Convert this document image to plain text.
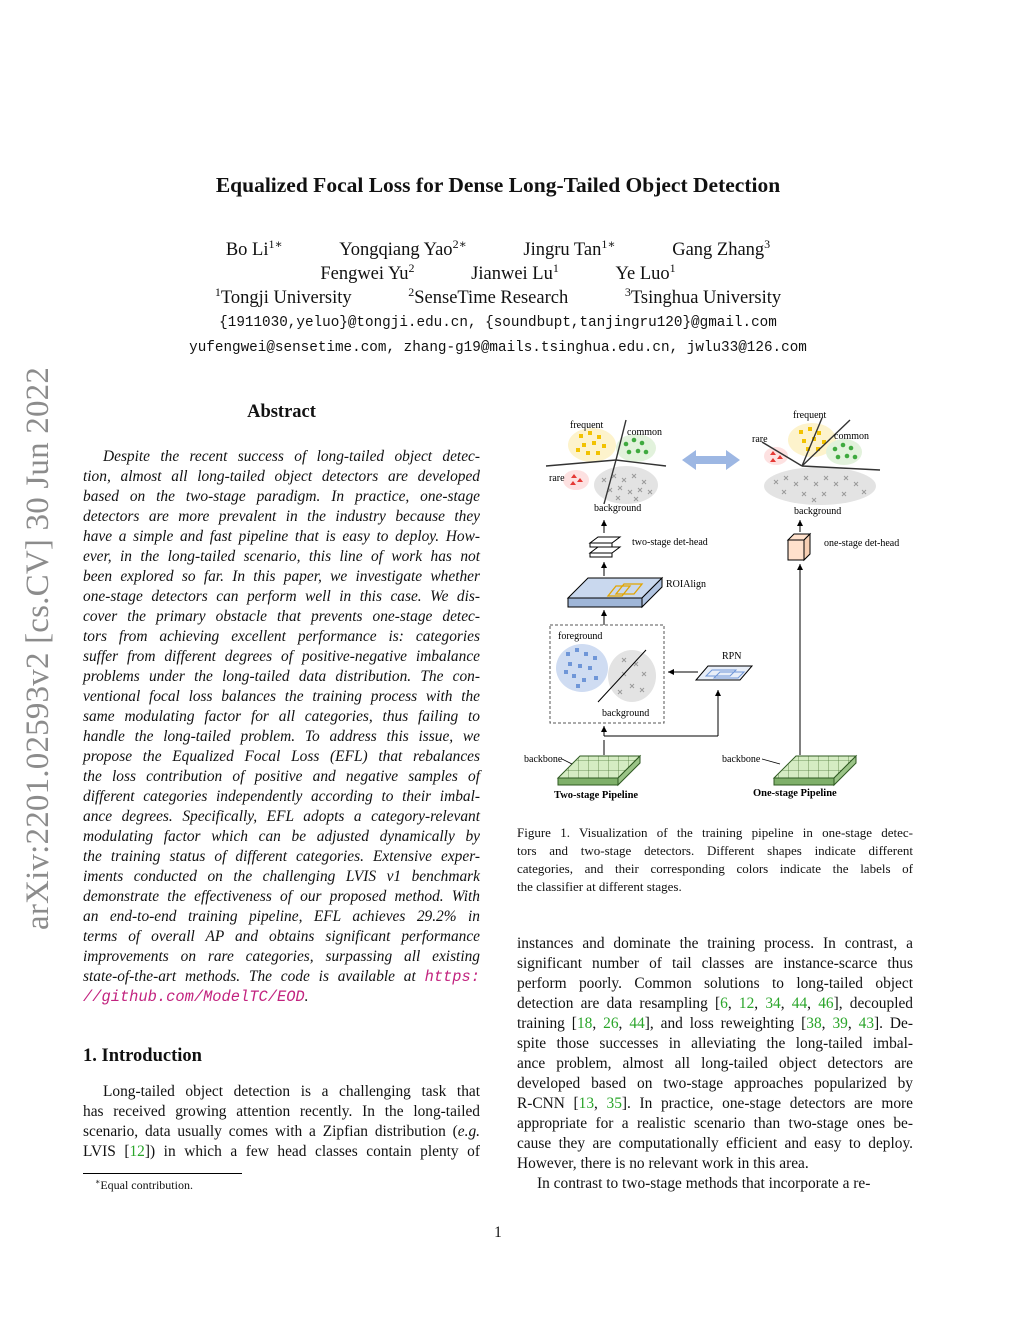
arXiv:2201.02593v2 [cs.CV] 30 Jun 2022
Equalized Focal Loss for Dense Long-Tailed Object Detection
Bo $Li^{1∗}$	Yongqiang Yao$^{2∗}$	Jingru Tan$^{1∗}$	Gang Zhang$^3$
Fengwei Yu$^2$	Jianwei Lu$^1$	Ye Luo$^1$
$^1$Tongji University	$^2$SenseTime Research	$^3$Tsinghua University
{1911030,yeluo}@tongji.edu.cn, {soundbupt,tanjingru120}@gmail.com
yufengwei@sensetime.com, zhang-g19@mails.tsinghua.edu.cn, jwlu33@126.com
Abstract
Despite the recent success of long-tailed object detec-
tion, almost all long-tailed object detectors are developed
based on the two-stage paradigm. In practice, one-stage
detectors are more prevalent in the industry because they
have a simple and fast pipeline that is easy to deploy. How-
ever, in the long-tailed scenario, this line of work has not
been explored so far. In this paper, we investigate whether
one-stage detectors can perform well in this case. We dis-
cover the primary obstacle that prevents one-stage detec-
tors from achieving excellent performance is: categories
suffer from different degrees of positive-negative imbalance
problems under the long-tailed data distribution. The con-
ventional focal loss balances the training process with the
same modulating factor for all categories, thus failing to
handle the long-tailed problem. To address this issue, we
propose the Equalized Focal Loss (EFL) that rebalances
the loss contribution of positive and negative samples of
different categories independently according to their imbal-
ance degrees. Specifically, EFL adopts a category-relevant
modulating factor which can be adjusted dynamically by
the training status of different categories. Extensive exper-
iments conducted on the challenging LVIS v1 benchmark
demonstrate the effectiveness of our proposed method. With
an end-to-end training pipeline, EFL achieves 29.2% in
terms of overall AP and obtains significant performance
improvements on rare categories, surpassing all existing
state-of-the-art methods. The code is available at https:
//github.com/ModelTC/EOD.
1. Introduction
Long-tailed object detection is a challenging task that
has received growing attention recently. In the long-tailed
scenario, data usually comes with a Zipfian distribution (e.g.
LVIS [12]) in which a few head classes contain plenty of
∗Equal contribution.
frequent
common
rare
background
frequent
common
rare
background
two-stage det-head
ROIAlign
foreground
background
RPN
backbone
Two-stage Pipeline
one-stage det-head
backbone
One-stage Pipeline
Figure 1. Visualization of the training pipeline in one-stage detec-
tors and two-stage detectors. Different shapes indicate different
categories, and their corresponding colors indicate the labels of
the classifier at different stages.
instances and dominate the training process. In contrast, a
significant number of tail classes are instance-scarce thus
perform poorly. Common solutions to long-tailed object
detection are data resampling [6, 12, 34, 44, 46], decoupled
training [18, 26, 44], and loss reweighting [38, 39, 43]. De-
spite those successes in alleviating the long-tailed imbal-
ance problem, almost all long-tailed object detectors are
developed based on two-stage approaches popularized by
R-CNN [13, 35]. In practice, one-stage detectors are more
appropriate for a realistic scenario than two-stage ones be-
cause they are computationally efficient and easy to deploy.
However, there is no relevant work in this area.
In contrast to two-stage methods that incorporate a re-
1
